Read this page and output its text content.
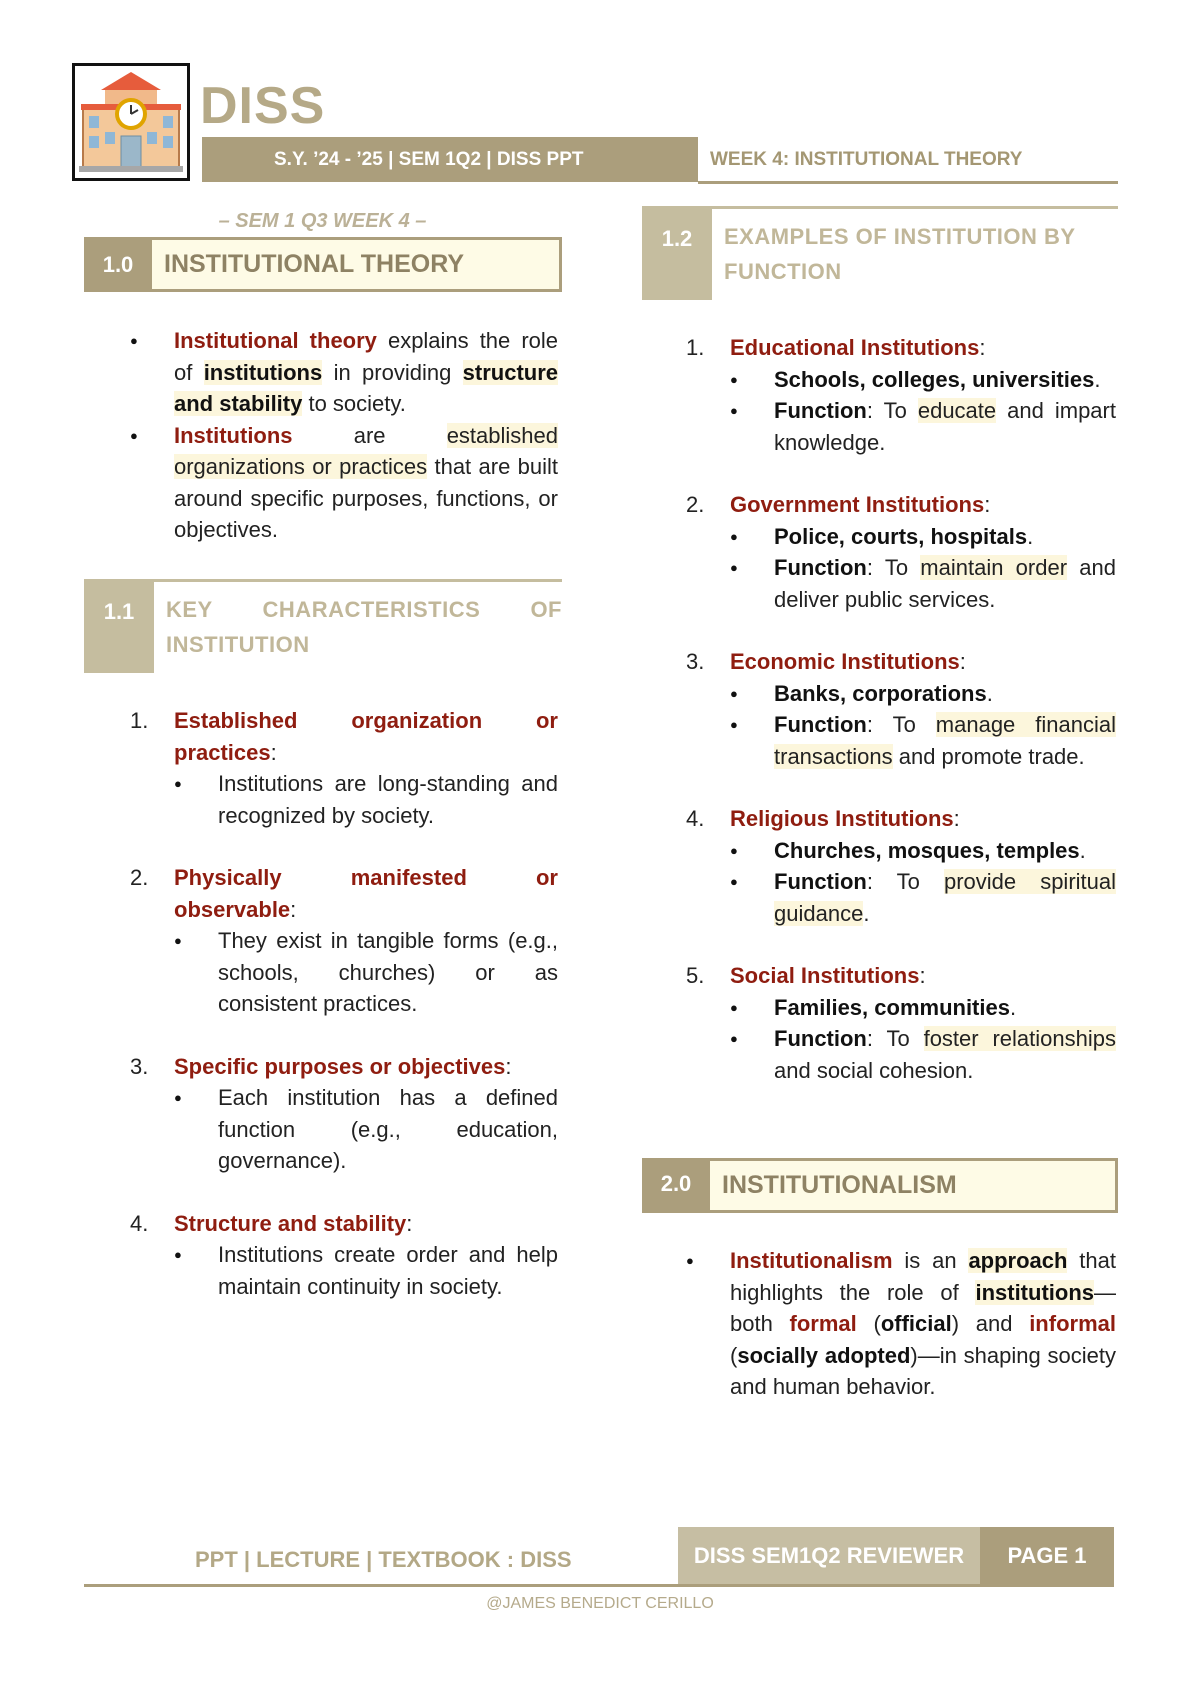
DISS
S.Y. ’24 - ’25 | SEM 1Q2 | DISS PPT	WEEK 4: INSTITUTIONAL THEORY
– SEM 1 Q3 WEEK 4 –
1.0	INSTITUTIONAL THEORY
● Institutional theory explains the role of institutions in providing structure and stability to society.
● Institutions are established organizations or practices that are built around specific purposes, functions, or objectives.
1.1	KEY CHARACTERISTICS OF INSTITUTION
1. Established organization or practices:
● Institutions are long-standing and recognized by society.
2. Physically manifested or observable:
● They exist in tangible forms (e.g., schools, churches) or as consistent practices.
3. Specific purposes or objectives:
● Each institution has a defined function (e.g., education, governance).
4. Structure and stability:
● Institutions create order and help maintain continuity in society.
1.2	EXAMPLES OF INSTITUTION BY FUNCTION
1. Educational Institutions:
● Schools, colleges, universities.
● Function: To educate and impart knowledge.
2. Government Institutions:
● Police, courts, hospitals.
● Function: To maintain order and deliver public services.
3. Economic Institutions:
● Banks, corporations.
● Function: To manage financial transactions and promote trade.
4. Religious Institutions:
● Churches, mosques, temples.
● Function: To provide spiritual guidance.
5. Social Institutions:
● Families, communities.
● Function: To foster relationships and social cohesion.
2.0	INSTITUTIONALISM
● Institutionalism is an approach that highlights the role of institutions—both formal (official) and informal (socially adopted)—in shaping society and human behavior.
PPT | LECTURE | TEXTBOOK : DISS	DISS SEM1Q2 REVIEWER	PAGE 1
@JAMES BENEDICT CERILLO
